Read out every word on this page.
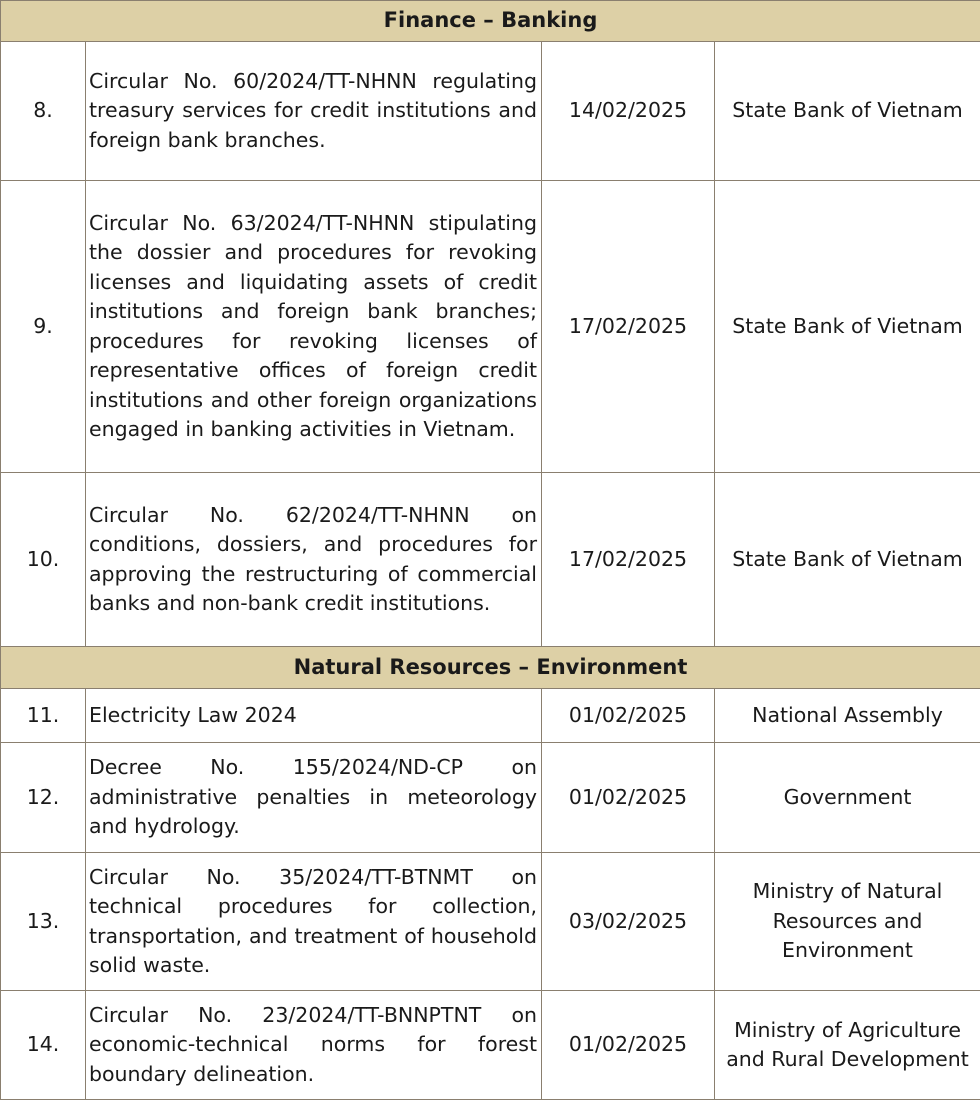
Finance – Banking			
8.	Circular No. 60/2024/TT-NHNN regulating treasury services for credit institutions and foreign bank branches.	14/02/2025	State Bank of Vietnam
9.	Circular No. 63/2024/TT-NHNN stipulating the dossier and procedures for revoking licenses and liquidating assets of credit institutions and foreign bank branches; procedures for revoking licenses of representative offices of foreign credit institutions and other foreign organizations engaged in banking activities in Vietnam.	17/02/2025	State Bank of Vietnam
10.	Circular No. 62/2024/TT-NHNN on conditions, dossiers, and procedures for approving the restructuring of commercial banks and non-bank credit institutions.	17/02/2025	State Bank of Vietnam
Natural Resources – Environment			
11.	Electricity Law 2024	01/02/2025	National Assembly
12.	Decree No. 155/2024/ND-CP on administrative penalties in meteorology and hydrology.	01/02/2025	Government
13.	Circular No. 35/2024/TT-BTNMT on technical procedures for collection, transportation, and treatment of household solid waste.	03/02/2025	Ministry of Natural Resources and Environment
14.	Circular No. 23/2024/TT-BNNPTNT on economic-technical norms for forest boundary delineation.	01/02/2025	Ministry of Agriculture and Rural Development
